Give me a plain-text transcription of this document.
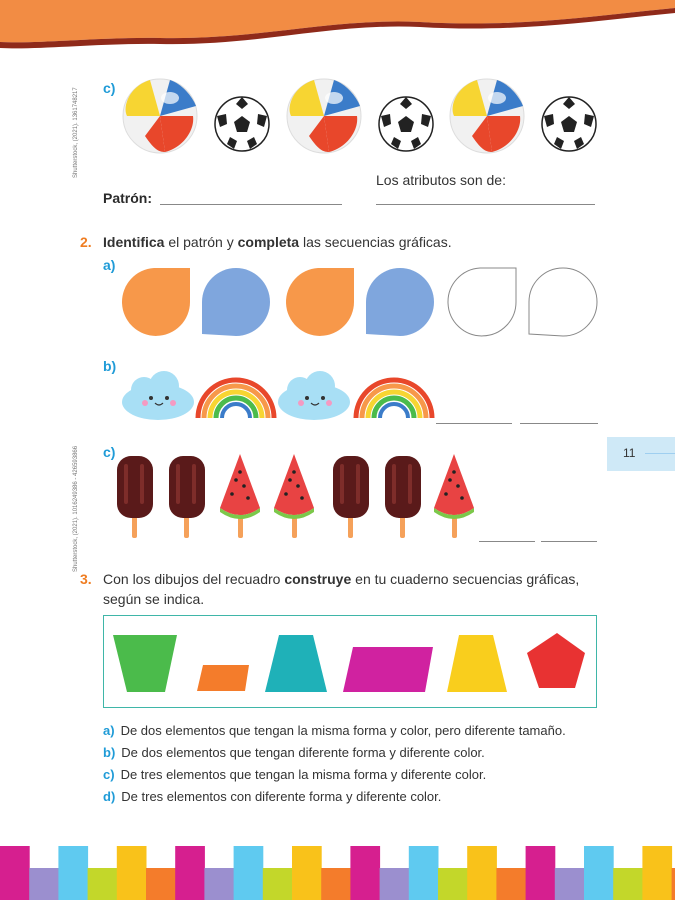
Shutterstock, (2021). 1361748217
Shutterstock, (2021). 1016249386 - 426593866
c)
Los atributos son de:
Patrón:
2. Identifica el patrón y completa las secuencias gráficas.
a)
b)
11
c)
3. Con los dibujos del recuadro construye en tu cuaderno secuencias gráficas,
según se indica.
a) De dos elementos que tengan la misma forma y color, pero diferente tamaño.
b) De dos elementos que tengan diferente forma y diferente color.
c) De tres elementos que tengan la misma forma y diferente color.
d) De tres elementos con diferente forma y diferente color.
